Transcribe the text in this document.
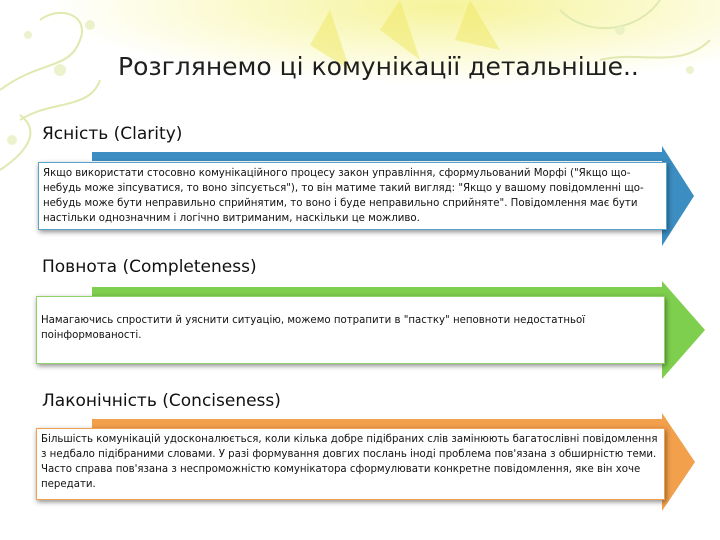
Розглянемо ці комунікації детальніше..
Ясність (Clarity)
Якщо використати стосовно комунікаційного процесу закон управління, сформульований Морфі ("Якщо що-небудь може зіпсуватися, то воно зіпсується"), то він матиме такий вигляд: "Якщо у вашому повідомленні що-небудь може бути неправильно сприйнятим, то воно і буде неправильно сприйняте". Повідомлення має бути настільки однозначним і логічно витриманим, наскільки це можливо.
Повнота (Completeness)
Намагаючись спростити й уяснити ситуацію, можемо потрапити в "пастку" неповноти недостатньої поінформованості.
Лаконічність (Conciseness)
Більшість комунікацій удосконалюється, коли кілька добре підібраних слів замінюють багатослівні повідомлення з недбало підібраними словами. У разі формування довгих послань іноді проблема пов'язана з обширністю теми. Часто справа пов'язана з неспроможністю комунікатора сформулювати конкретне повідомлення, яке він хоче передати.
